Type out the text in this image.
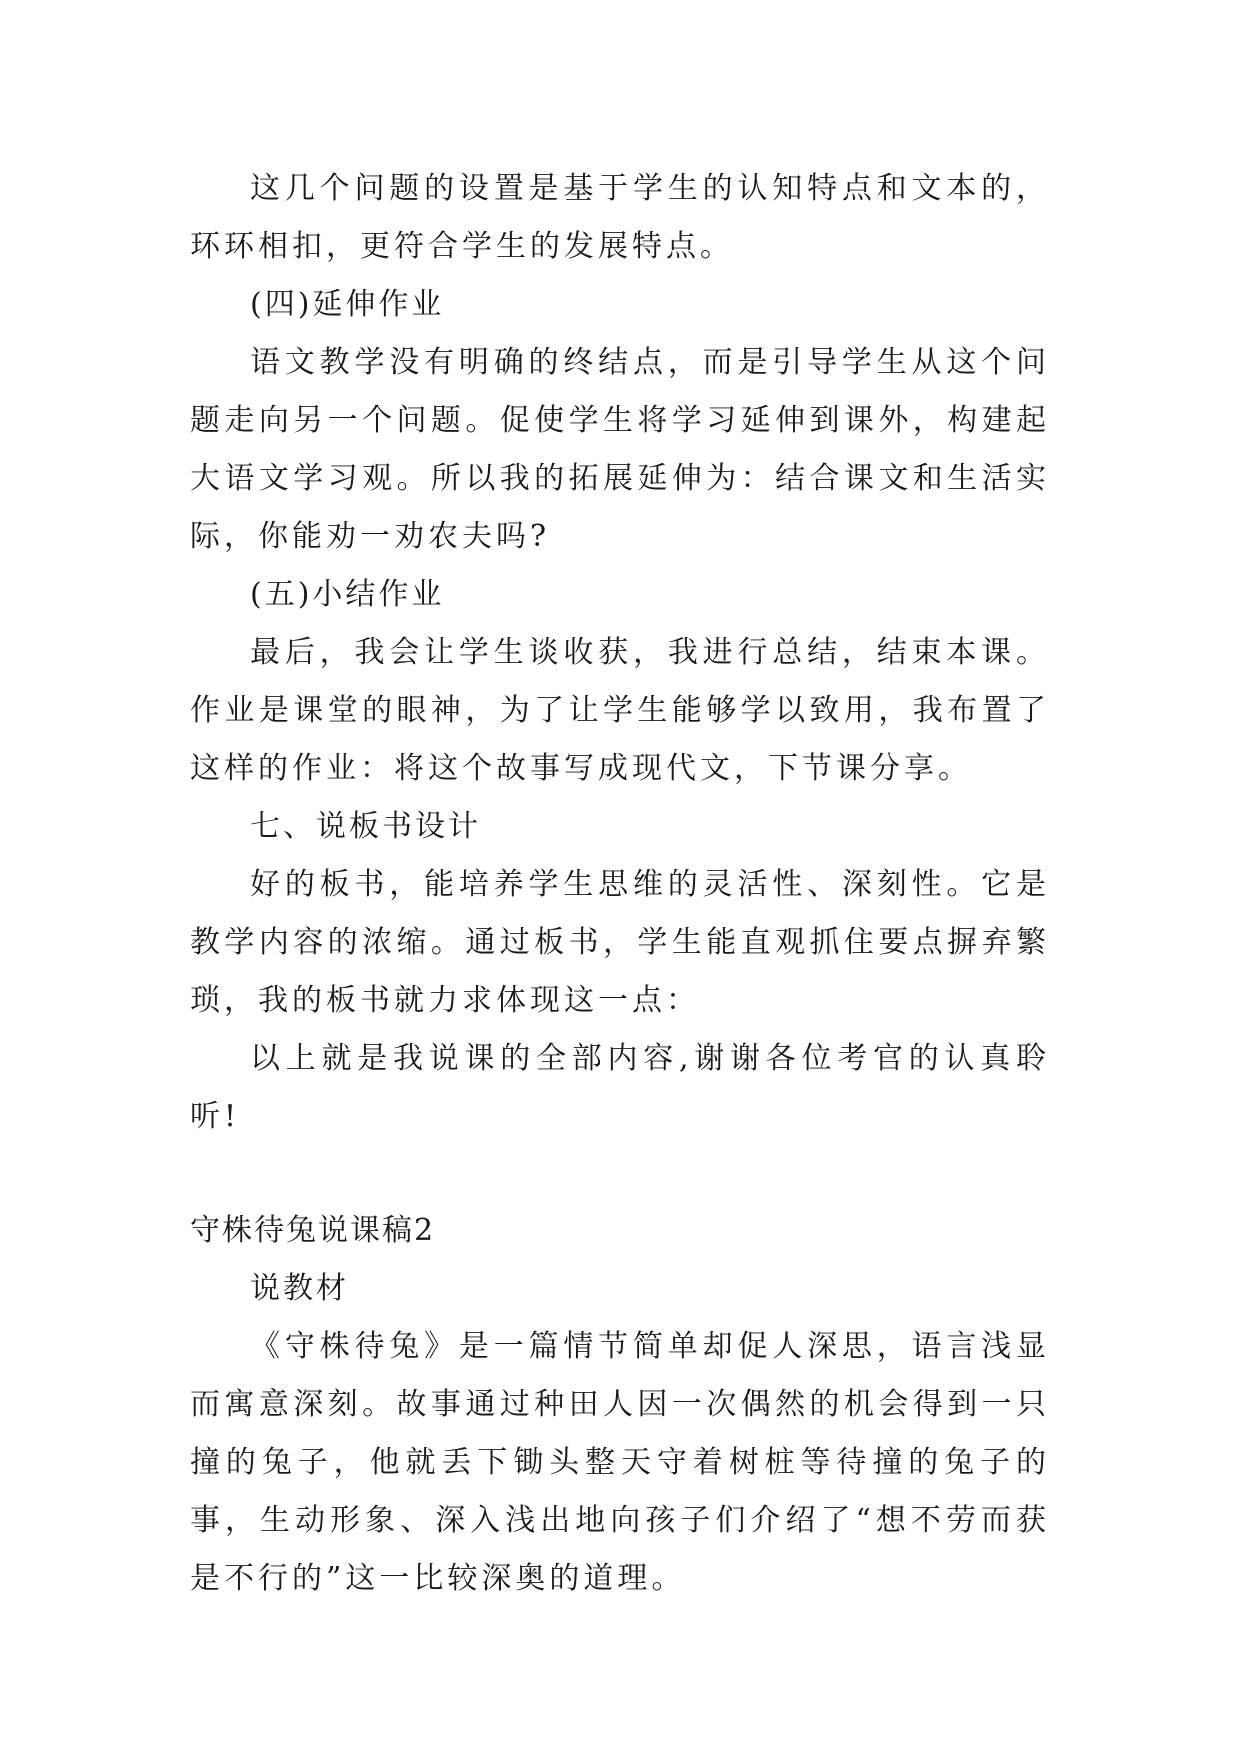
这几个问题的设置是基于学生的认知特点和文本的，环环相扣，更符合学生的发展特点。

(四)延伸作业

语文教学没有明确的终结点，而是引导学生从这个问题走向另一个问题。促使学生将学习延伸到课外，构建起大语文学习观。所以我的拓展延伸为：结合课文和生活实际，你能劝一劝农夫吗?

(五)小结作业

最后，我会让学生谈收获，我进行总结，结束本课。作业是课堂的眼神，为了让学生能够学以致用，我布置了这样的作业：将这个故事写成现代文，下节课分享。

七、说板书设计

好的板书，能培养学生思维的灵活性、深刻性。它是教学内容的浓缩。通过板书，学生能直观抓住要点摒弃繁琐，我的板书就力求体现这一点：

以上就是我说课的全部内容,谢谢各位考官的认真聆听!

守株待兔说课稿2

说教材

《守株待兔》是一篇情节简单却促人深思，语言浅显而寓意深刻。故事通过种田人因一次偶然的机会得到一只撞的兔子，他就丢下锄头整天守着树桩等待撞的兔子的事，生动形象、深入浅出地向孩子们介绍了“想不劳而获是不行的”这一比较深奥的道理。
